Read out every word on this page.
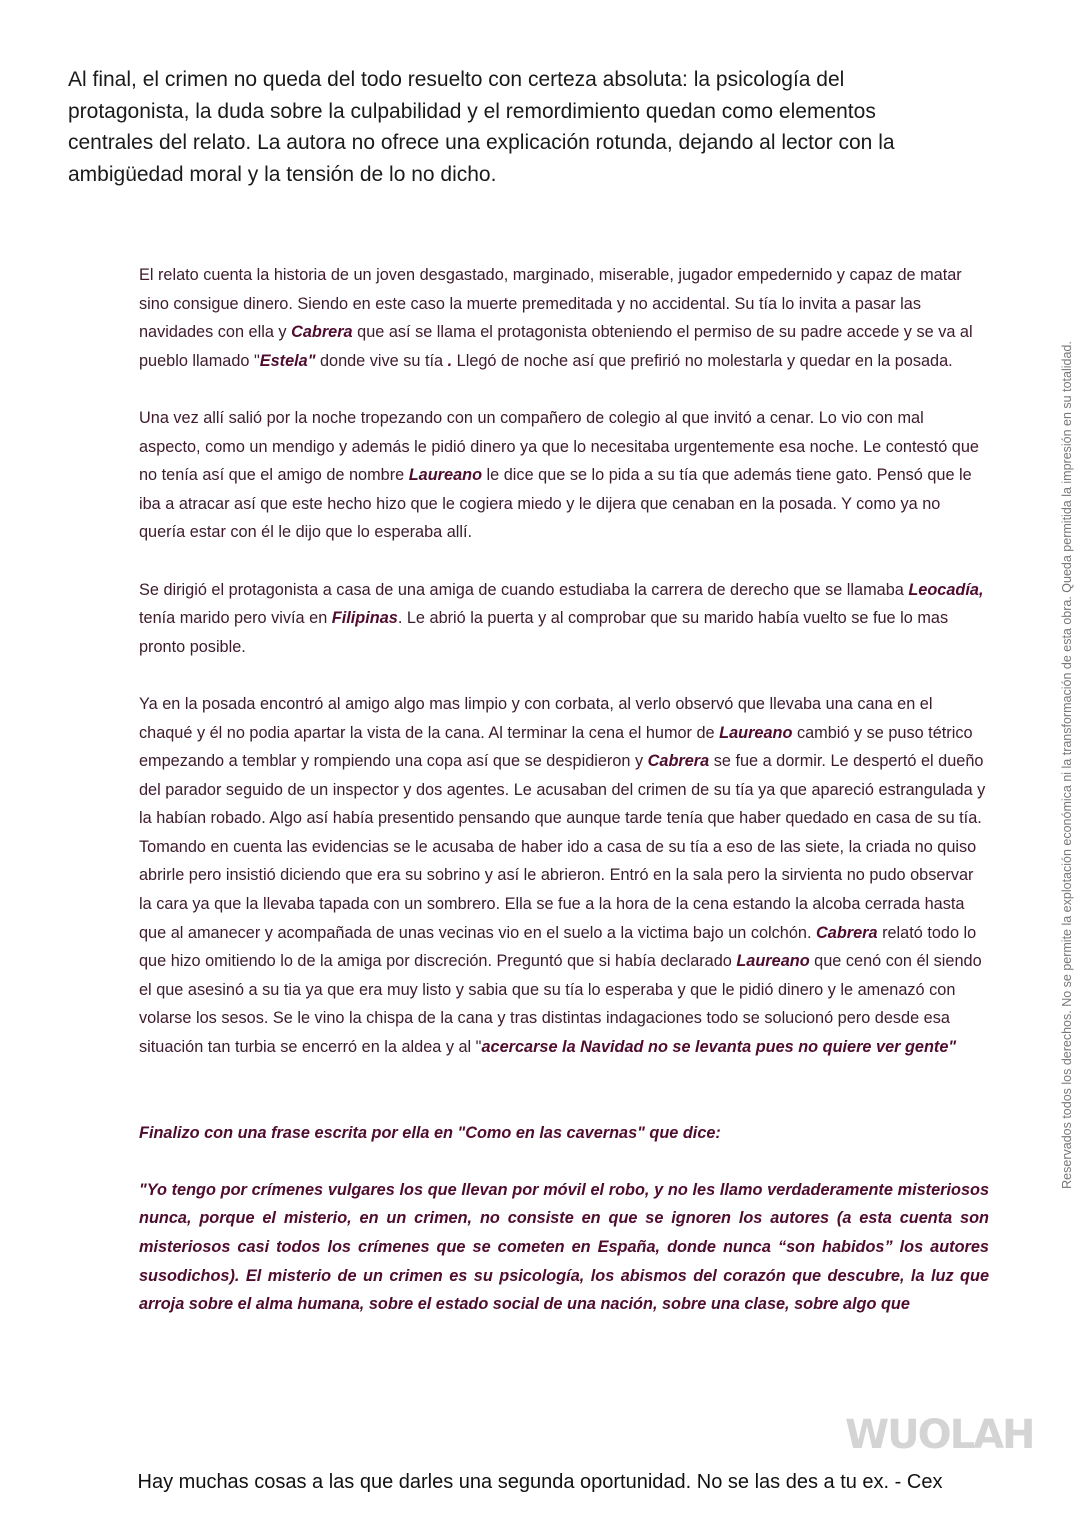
Al final, el crimen no queda del todo resuelto con certeza absoluta: la psicología del protagonista, la duda sobre la culpabilidad y el remordimiento quedan como elementos centrales del relato. La autora no ofrece una explicación rotunda, dejando al lector con la ambigüedad moral y la tensión de lo no dicho.

El relato cuenta la historia de un joven desgastado, marginado, miserable, jugador empedernido y capaz de matar sino consigue dinero. Siendo en este caso la muerte premeditada y no accidental. Su tía lo invita a pasar las navidades con ella y Cabrera que así se llama el protagonista obteniendo el permiso de su padre accede y se va al pueblo llamado "Estela" donde vive su tía . Llegó de noche así que prefirió no molestarla y quedar en la posada.

Una vez allí salió por la noche tropezando con un compañero de colegio al que invitó a cenar. Lo vio con mal aspecto, como un mendigo y además le pidió dinero ya que lo necesitaba urgentemente esa noche. Le contestó que no tenía así que el amigo de nombre Laureano le dice que se lo pida a su tía que además tiene gato. Pensó que le iba a atracar así que este hecho hizo que le cogiera miedo y le dijera que cenaban en la posada. Y como ya no quería estar con él le dijo que lo esperaba allí.

Se dirigió el protagonista a casa de una amiga de cuando estudiaba la carrera de derecho que se llamaba Leocadía, tenía marido pero vivía en Filipinas. Le abrió la puerta y al comprobar que su marido había vuelto se fue lo mas pronto posible.

Ya en la posada encontró al amigo algo mas limpio y con corbata, al verlo observó que llevaba una cana en el chaqué y él no podia apartar la vista de la cana. Al terminar la cena el humor de Laureano cambió y se puso tétrico empezando a temblar y rompiendo una copa así que se despidieron y Cabrera se fue a dormir. Le despertó el dueño del parador seguido de un inspector y dos agentes. Le acusaban del crimen de su tía ya que apareció estrangulada y la habían robado. Algo así había presentido pensando que aunque tarde tenía que haber quedado en casa de su tía. Tomando en cuenta las evidencias se le acusaba de haber ido a casa de su tía a eso de las siete, la criada no quiso abrirle pero insistió diciendo que era su sobrino y así le abrieron. Entró en la sala pero la sirvienta no pudo observar la cara ya que la llevaba tapada con un sombrero. Ella se fue a la hora de la cena estando la alcoba cerrada hasta que al amanecer y acompañada de unas vecinas vio en el suelo a la victima bajo un colchón. Cabrera relató todo lo que hizo omitiendo lo de la amiga por discreción. Preguntó que si había declarado Laureano que cenó con él siendo el que asesinó a su tia ya que era muy listo y sabia que su tía lo esperaba y que le pidió dinero y le amenazó con volarse los sesos. Se le vino la chispa de la cana y tras distintas indagaciones todo se solucionó pero desde esa situación tan turbia se encerró en la aldea y al "acercarse la Navidad no se levanta pues no quiere ver gente"

Finalizo con una frase escrita por ella en "Como en las cavernas" que dice:

"Yo tengo por crímenes vulgares los que llevan por móvil el robo, y no les llamo verdaderamente misteriosos nunca, porque el misterio, en un crimen, no consiste en que se ignoren los autores (a esta cuenta son misteriosos casi todos los crímenes que se cometen en España, donde nunca “son habidos” los autores susodichos). El misterio de un crimen es su psicología, los abismos del corazón que descubre, la luz que arroja sobre el alma humana, sobre el estado social de una nación, sobre una clase, sobre algo que

Reservados todos los derechos. No se permite la explotación económica ni la transformación de esta obra. Queda permitida la impresión en su totalidad.
WUOLAH
Hay muchas cosas a las que darles una segunda oportunidad. No se las des a tu ex. - Cex
